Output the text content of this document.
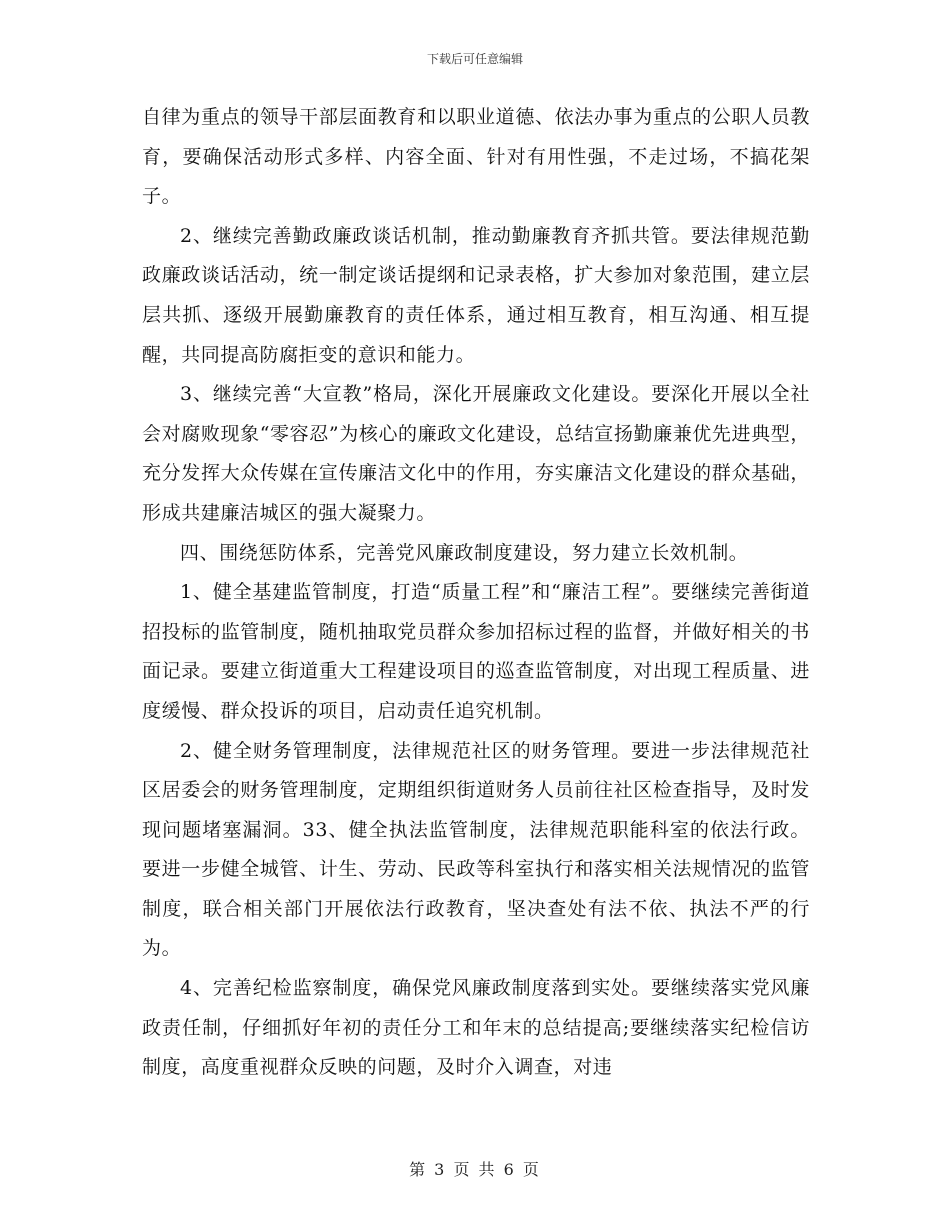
下载后可任意编辑

自律为重点的领导干部层面教育和以职业道德、依法办事为重点的公职人员教育，要确保活动形式多样、内容全面、针对有用性强，不走过场，不搞花架子。

2、继续完善勤政廉政谈话机制，推动勤廉教育齐抓共管。要法律规范勤政廉政谈话活动，统一制定谈话提纲和记录表格，扩大参加对象范围，建立层层共抓、逐级开展勤廉教育的责任体系，通过相互教育，相互沟通、相互提醒，共同提高防腐拒变的意识和能力。

3、继续完善“大宣教”格局，深化开展廉政文化建设。要深化开展以全社会对腐败现象“零容忍”为核心的廉政文化建设，总结宣扬勤廉兼优先进典型，充分发挥大众传媒在宣传廉洁文化中的作用，夯实廉洁文化建设的群众基础，形成共建廉洁城区的强大凝聚力。

四、围绕惩防体系，完善党风廉政制度建设，努力建立长效机制。

1、健全基建监管制度，打造“质量工程”和“廉洁工程”。要继续完善街道招投标的监管制度，随机抽取党员群众参加招标过程的监督，并做好相关的书面记录。要建立街道重大工程建设项目的巡查监管制度，对出现工程质量、进度缓慢、群众投诉的项目，启动责任追究机制。

2、健全财务管理制度，法律规范社区的财务管理。要进一步法律规范社区居委会的财务管理制度，定期组织街道财务人员前往社区检查指导，及时发现问题堵塞漏洞。33、健全执法监管制度，法律规范职能科室的依法行政。要进一步健全城管、计生、劳动、民政等科室执行和落实相关法规情况的监管制度，联合相关部门开展依法行政教育，坚决查处有法不依、执法不严的行为。

4、完善纪检监察制度，确保党风廉政制度落到实处。要继续落实党风廉政责任制，仔细抓好年初的责任分工和年末的总结提高;要继续落实纪检信访制度，高度重视群众反映的问题，及时介入调查，对违

第 3 页 共 6 页
